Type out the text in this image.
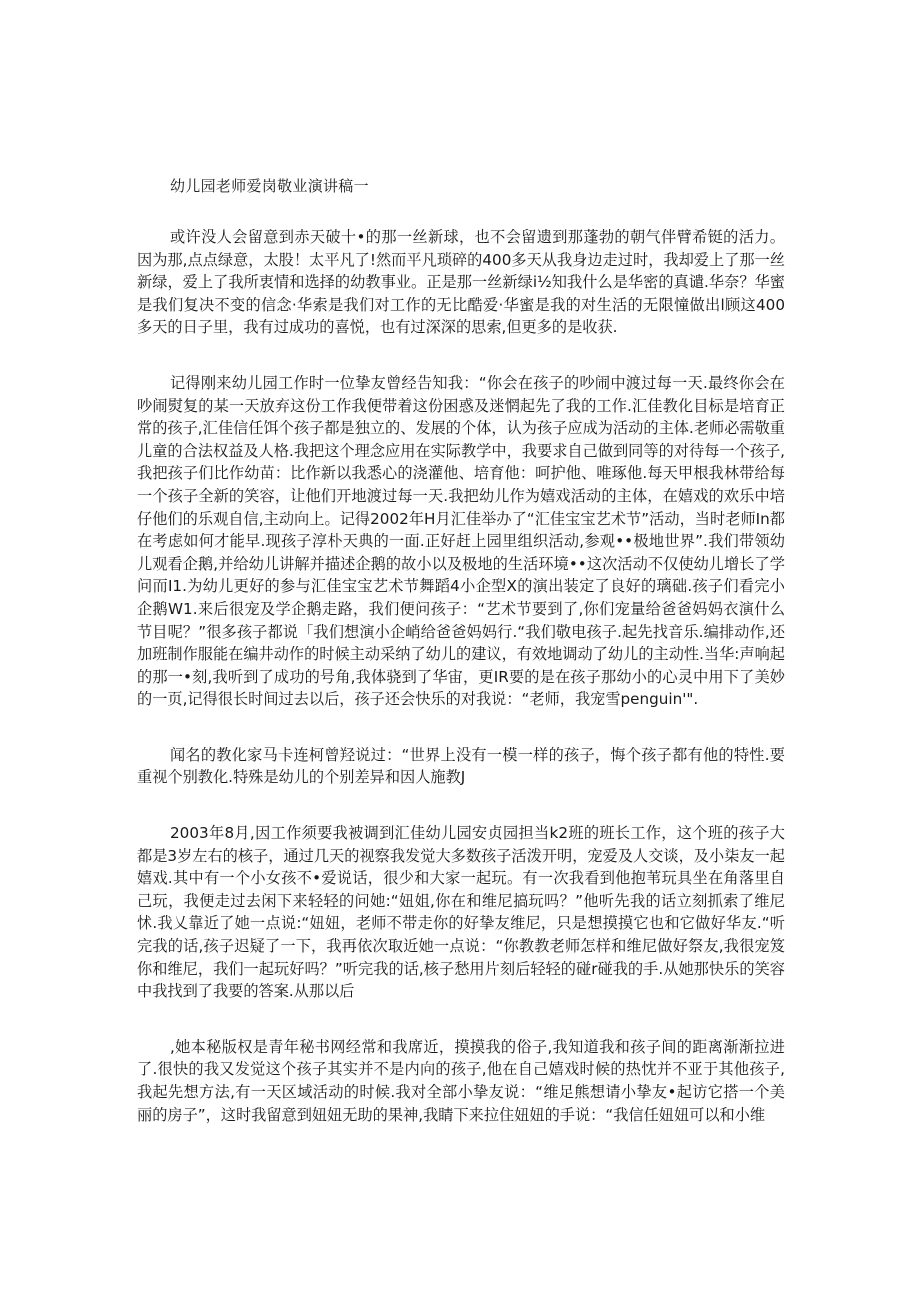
幼儿园老师爱岗敬业演讲稿一

或许没人会留意到赤天破十•的那一丝新球，也不会留遗到那蓬勃的朝气伴臂希铤的活力。因为那,点点绿意，太股！太平凡了!然而平凡琐碎的400多天从我身边走过时，我却爱上了那一丝新绿，爱上了我所衷情和选择的幼教事业。正是那一丝新绿i½知我什么是华密的真谴.华奈？华蜜是我们复决不变的信念·华索是我们对工作的无比酷爱·华蜜是我的对生活的无限憧做出l顾这400多天的日子里，我有过成功的喜悦，也有过深深的思索,但更多的是收获.

记得刚来幼儿园工作时一位挚友曾经告知我：“你会在孩子的吵闹中渡过每一天.最终你会在吵闹熨复的某一天放弃这份工作我便带着这份困惑及迷惘起先了我的工作.汇佳教化目标是培育正常的孩子,汇佳信任饵个孩子都是独立的、发展的个体，认为孩子应成为活动的主体.老师必需敬重儿童的合法权益及人格.我把这个理念应用在实际教学中，我要求自己做到同等的对待每一个孩子,我把孩子们比作幼苗：比作新以我悉心的浇灌他、培育他：呵护他、唯琢他.每天甲根我林带给每一个孩子全新的笑容，让他们开地渡过每一天.我把幼儿作为嬉戏活动的主体，在嬉戏的欢乐中培仔他们的乐观自信,主动向上。记得2002年H月汇佳举办了“汇佳宝宝艺术节”活动，当时老师In都在考虑如何才能早.现孩子淳朴天典的一面.正好赶上园里组织活动,参观••极地世界”.我们带领幼儿观看企鹅,并给幼儿讲解并描述企鹅的故小以及极地的生活环境••这次活动不仅使幼儿增长了学问而I1.为幼儿更好的参与汇佳宝宝艺术节舞蹈4小企型X的演出装定了良好的璃础.孩子们看完小企鹅W1.来后很宠及学企鹅走路，我们便问孩子：“艺术节要到了,你们宠量给爸爸妈妈衣演什么节目呢？”很多孩子都说「我们想演小企峭给爸爸妈妈行.“我们敬电孩子.起先找音乐.编排动作,还加班制作服能在编井动作的时候主动采纳了幼儿的建议，有效地调动了幼儿的主动性.当华:声响起的那一•刻,我听到了成功的号角,我体骁到了华宙，更IR要的是在孩子那幼小的心灵中用下了美妙的一页,记得很长时间过去以后，孩子还会快乐的对我说：“老师，我宠雪penguin'".

闻名的教化家马卡连柯曾羟说过：“世界上没有一模一样的孩子，悔个孩子都有他的特性.要重视个别教化.特殊是幼儿的个别差异和因人施教J

2003年8月,因工作须要我被调到汇佳幼儿园安贞园担当k2班的班长工作，这个班的孩子大都是3岁左右的核子，通过几天的视察我发觉大多数孩子活泼开明，宠爱及人交谈，及小柒友一起嬉戏.其中有一个小女孩不•爱说话，很少和大家一起玩。有一次我看到他抱苇玩具坐在角落里自己玩，我便走过去闲下来轻轻的问她:“妞姐,你在和维尼搞玩吗？”他听先我的话立刻抓索了维尼怵.我乂靠近了她一点说:“妞妞，老师不带走你的好挚友维尼，只是想摸摸它也和它做好华友.“听完我的话,孩子迟疑了一下，我再依次取近她一点说：“你教教老师怎样和维尼做好祭友,我很宠笈你和维尼，我们一起玩好吗？”听完我的话,核子愁用片刻后轻轻的碰r碰我的手.从她那快乐的笑容中我找到了我要的答案.从那以后

,她本秘版权是青年秘书网经常和我席近，摸摸我的俗子,我知道我和孩子间的距离渐渐拉进了.很快的我又发觉这个孩子其实并不是内向的孩子,他在自己嬉戏时候的热忱并不亚于其他孩子,我起先想方法,有一天区域活动的时候.我对全部小挚友说：“维足熊想请小挚友•起访它搭一个美丽的房子”，这时我留意到妞妞无助的果神,我睛下来拉住妞妞的手说：“我信任妞妞可以和小维
